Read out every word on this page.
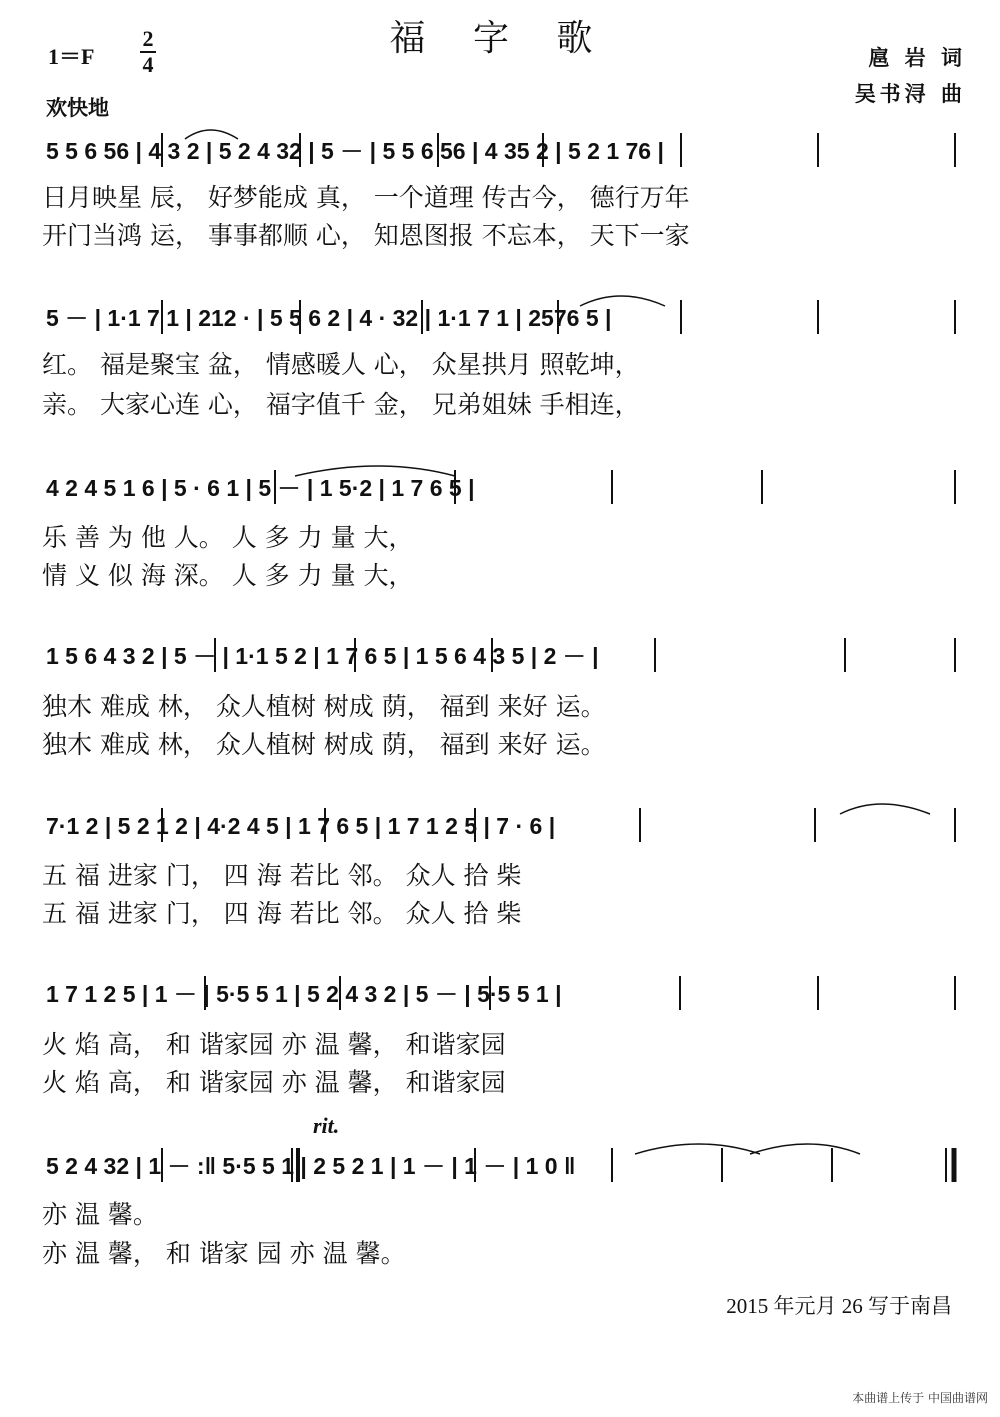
福 字 歌
1＝F
2
4
欢快地
扈 岩 词
吴书浔 曲
rit.
5 5 6 56 | 4 3 2 | 5 2 4 32 | 5 － | 5 5 6 56 | 4 35 2 | 5 2 1 76 |
日月映星 辰， 好梦能成 真， 一个道理 传古今， 德行万年
开门当鸿 运， 事事都顺 心， 知恩图报 不忘本， 天下一家
5 － | 1·1 7 1 | 212 · | 5 5 6 2 | 4 · 32 | 1·1 7 1 | 2576 5 |
红。 福是聚宝 盆， 情感暖人 心， 众星拱月 照乾坤，
亲。 大家心连 心， 福字值千 金， 兄弟姐妹 手相连，
4 2 4 5 1 6 | 5 · 6 1 | 5 － | 1 5·2 | 1 7 6 5 |
乐 善 为 他 人。 人 多 力 量 大，
情 义 似 海 深。 人 多 力 量 大，
1 5 6 4 3 2 | 5 － | 1·1 5 2 | 1 7 6 5 | 1 5 6 4 3 5 | 2 － |
独木 难成 林， 众人植树 树成 荫， 福到 来好 运。
独木 难成 林， 众人植树 树成 荫， 福到 来好 运。
7·1 2 | 5 2 1 2 | 4·2 4 5 | 1 7 6 5 | 1 7 1 2 5 | 7 · 6 |
五 福 进家 门， 四 海 若比 邻。 众人 拾 柴
五 福 进家 门， 四 海 若比 邻。 众人 拾 柴
1 7 1 2 5 | 1 － | 5·5 5 1 | 5 2 4 3 2 | 5 － | 5·5 5 1 |
火 焰 高， 和 谐家园 亦 温 馨， 和谐家园
火 焰 高， 和 谐家园 亦 温 馨， 和谐家园
5 2 4 32 | 1 － :‖ 5·5 5 1 | 2 5 2 1 | 1 － | 1 － | 1 0 ‖
亦 温 馨。
亦 温 馨， 和 谐家 园 亦 温 馨。
2015 年元月 26 写于南昌
本曲谱上传于 中国曲谱网
